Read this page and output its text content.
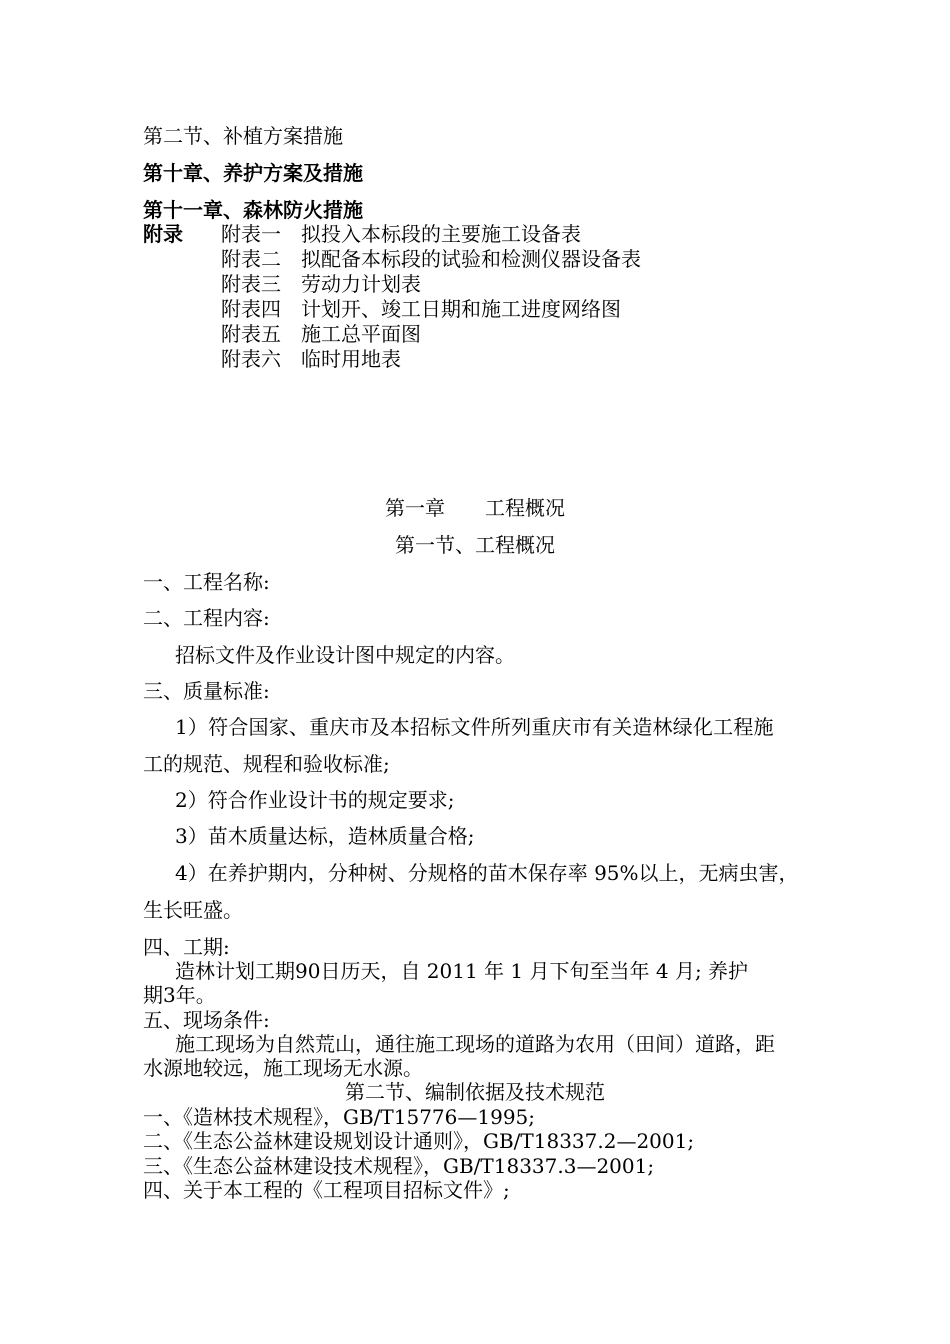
第二节、补植方案措施
第十章、养护方案及措施
第十一章、森林防火措施
附录 附表一　拟投入本标段的主要施工设备表
附表二　拟配备本标段的试验和检测仪器设备表
附表三　劳动力计划表
附表四　计划开、竣工日期和施工进度网络图
附表五　施工总平面图
附表六　临时用地表
第一章　　工程概况
第一节、工程概况
一、工程名称:
二、工程内容:
招标文件及作业设计图中规定的内容。
三、质量标准:
1）符合国家、重庆市及本招标文件所列重庆市有关造林绿化工程施
工的规范、规程和验收标准;
2）符合作业设计书的规定要求;
3）苗木质量达标，造林质量合格;
4）在养护期内，分种树、分规格的苗木保存率 95%以上，无病虫害，
生长旺盛。
四、工期:
造林计划工期90日历天，自 2011 年 1 月下旬至当年 4 月; 养护
期3年。
五、现场条件:
施工现场为自然荒山，通往施工现场的道路为农用（田间）道路，距
水源地较远，施工现场无水源。
第二节、编制依据及技术规范
一、《造林技术规程》，GB/T15776—1995;
二、《生态公益林建设规划设计通则》，GB/T18337.2—2001;
三、《生态公益林建设技术规程》，GB/T18337.3—2001;
四、关于本工程的《工程项目招标文件》;
